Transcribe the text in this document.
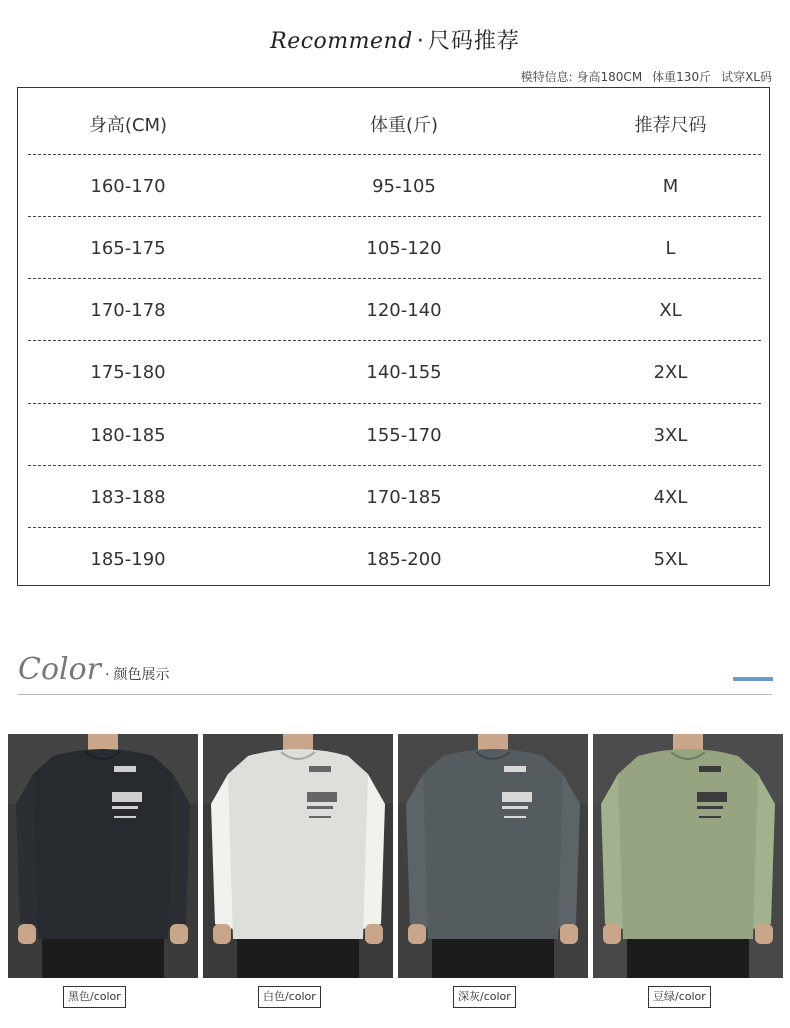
Recommend · 尺码推荐
模特信息: 身高180CM 体重130斤 试穿XL码
身高(CM)	体重(斤)	推荐尺码
160-170	95-105	M
165-175	105-120	L
170-178	120-140	XL
175-180	140-155	2XL
180-185	155-170	3XL
183-188	170-185	4XL
185-190	185-200	5XL
Color · 颜色展示
黑色/color	白色/color	深灰/color	豆绿/color
